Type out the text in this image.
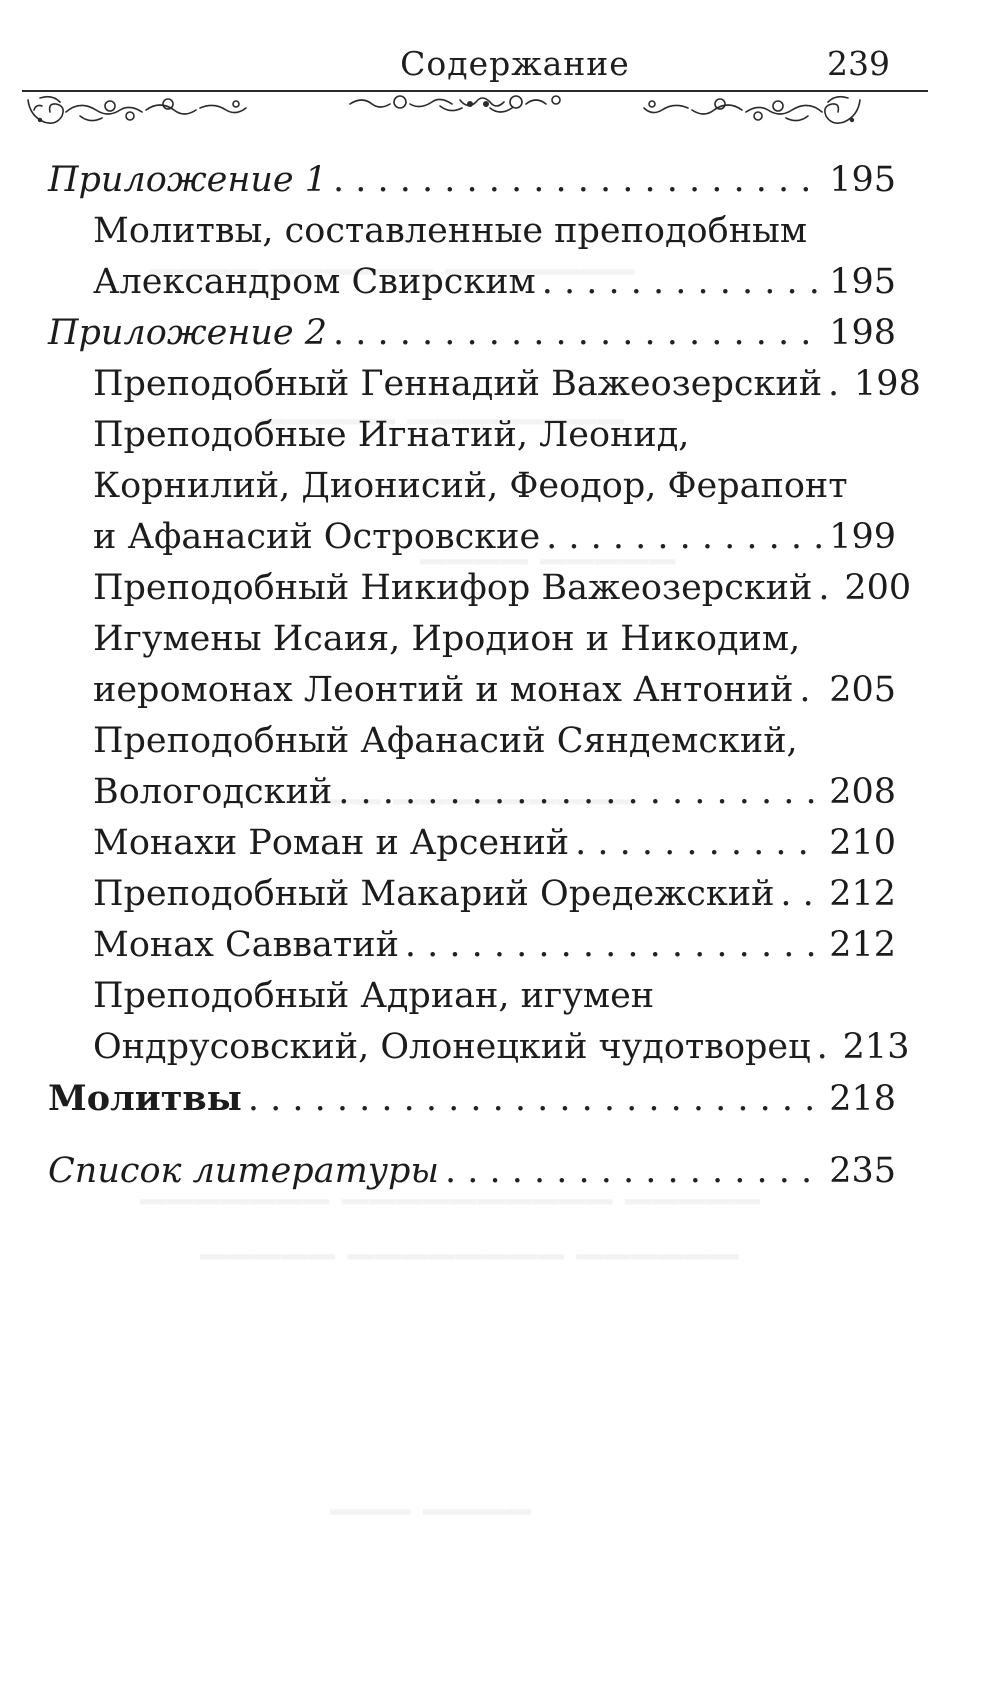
Содержание	239
Приложение 1 . . .	195
Молитвы, составленные преподобным
Александром Свирским . . .	195
Приложение 2 . . .	198
Преподобный Геннадий Важеозерский . . . 198
Преподобные Игнатий, Леонид,
Корнилий, Дионисий, Феодор, Ферапонт
и Афанасий Островские . . .	199
Преподобный Никифор Важеозерский . . . 200
Игумены Исаия, Иродион и Никодим,
иеромонах Леонтий и монах Антоний . . . 205
Преподобный Афанасий Сяндемский,
Вологодский . . .	208
Монахи Роман и Арсений . . .	210
Преподобный Макарий Оредежский . . . 212
Монах Савватий . . .	212
Преподобный Адриан, игумен
Ондрусовский, Олонецкий чудотворец . . . 213
Молитвы . . .	218
Список литературы . . .	235
